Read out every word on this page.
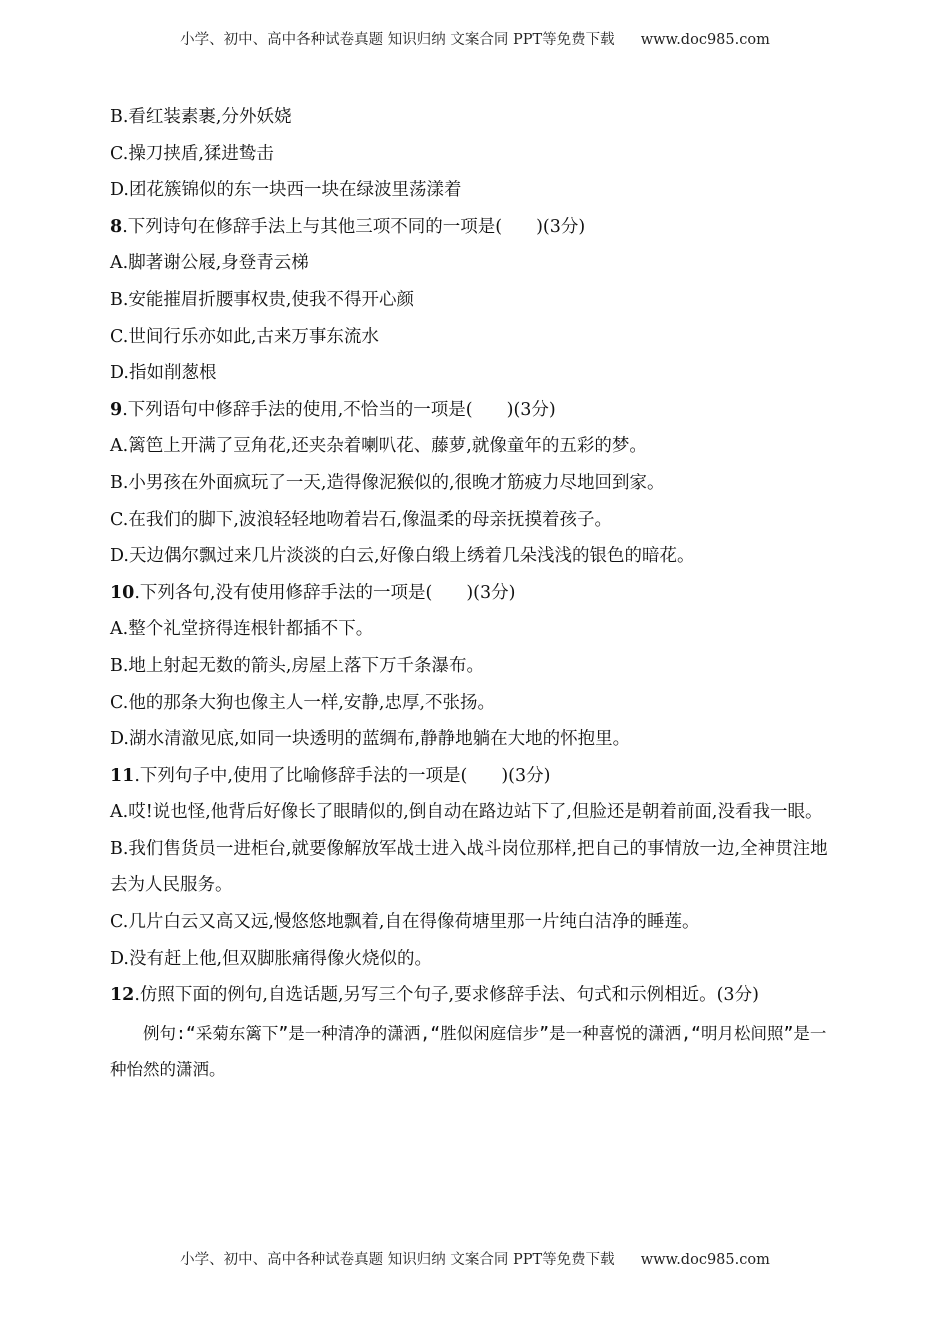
小学、初中、高中各种试卷真题 知识归纳 文案合同 PPT等免费下载 www.doc985.com

B.看红装素裹,分外妖娆

C.操刀挟盾,猱进鸷击

D.团花簇锦似的东一块西一块在绿波里荡漾着

8.下列诗句在修辞手法上与其他三项不同的一项是( )(3分)

A.脚著谢公屐,身登青云梯

B.安能摧眉折腰事权贵,使我不得开心颜

C.世间行乐亦如此,古来万事东流水

D.指如削葱根

9.下列语句中修辞手法的使用,不恰当的一项是( )(3分)

A.篱笆上开满了豆角花,还夹杂着喇叭花、藤萝,就像童年的五彩的梦。

B.小男孩在外面疯玩了一天,造得像泥猴似的,很晚才筋疲力尽地回到家。

C.在我们的脚下,波浪轻轻地吻着岩石,像温柔的母亲抚摸着孩子。

D.天边偶尔飘过来几片淡淡的白云,好像白缎上绣着几朵浅浅的银色的暗花。

10.下列各句,没有使用修辞手法的一项是( )(3分)

A.整个礼堂挤得连根针都插不下。

B.地上射起无数的箭头,房屋上落下万千条瀑布。

C.他的那条大狗也像主人一样,安静,忠厚,不张扬。

D.湖水清澈见底,如同一块透明的蓝绸布,静静地躺在大地的怀抱里。

11.下列句子中,使用了比喻修辞手法的一项是( )(3分)

A.哎!说也怪,他背后好像长了眼睛似的,倒自动在路边站下了,但脸还是朝着前面,没看我一眼。

B.我们售货员一进柜台,就要像解放军战士进入战斗岗位那样,把自己的事情放一边,全神贯注地去为人民服务。

C.几片白云又高又远,慢悠悠地飘着,自在得像荷塘里那一片纯白洁净的睡莲。

D.没有赶上他,但双脚胀痛得像火烧似的。

12.仿照下面的例句,自选话题,另写三个句子,要求修辞手法、句式和示例相近。(3分)

例句:“采菊东篱下”是一种清净的潇洒,“胜似闲庭信步”是一种喜悦的潇洒,“明月松间照”是一种怡然的潇洒。

小学、初中、高中各种试卷真题 知识归纳 文案合同 PPT等免费下载 www.doc985.com
